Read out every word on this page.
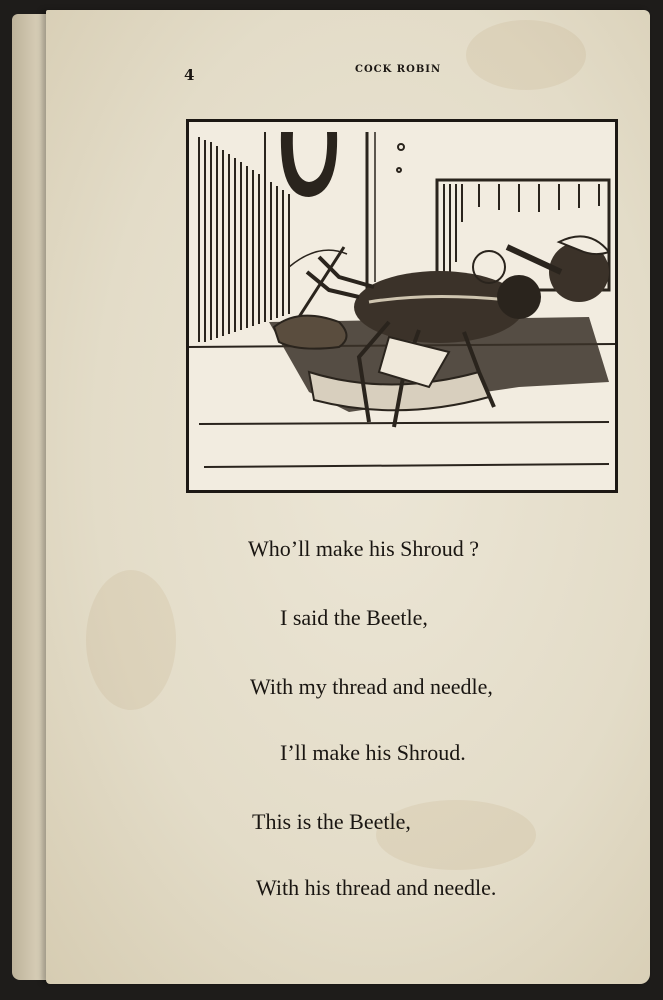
4	COCK ROBIN
Who’ll make his Shroud ?
I said the Beetle,
With my thread and needle,
I’ll make his Shroud.
This is the Beetle,
With his thread and needle.
